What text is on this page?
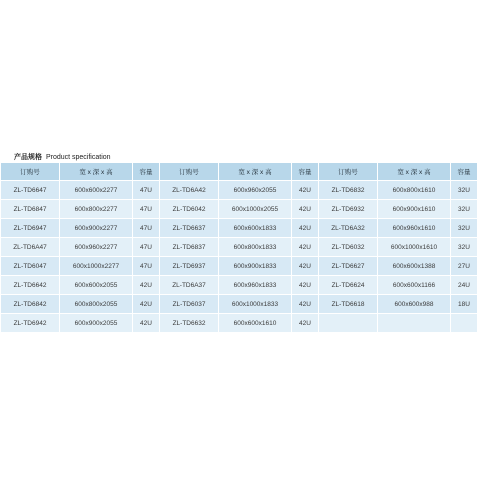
产品规格 Product specification
订购号	宽 x 深 x 高	容量	订购号	宽 x 深 x 高	容量	订购号	宽 x 深 x 高	容量
ZL-TD6647	600x600x2277	47U	ZL-TD6A42	600x960x2055	42U	ZL-TD6832	600x800x1610	32U
ZL-TD6847	600x800x2277	47U	ZL-TD6042	600x1000x2055	42U	ZL-TD6932	600x900x1610	32U
ZL-TD6947	600x900x2277	47U	ZL-TD6637	600x600x1833	42U	ZL-TD6A32	600x960x1610	32U
ZL-TD6A47	600x960x2277	47U	ZL-TD6837	600x800x1833	42U	ZL-TD6032	600x1000x1610	32U
ZL-TD6047	600x1000x2277	47U	ZL-TD6937	600x900x1833	42U	ZL-TD6627	600x600x1388	27U
ZL-TD6642	600x600x2055	42U	ZL-TD6A37	600x960x1833	42U	ZL-TD6624	600x600x1166	24U
ZL-TD6842	600x800x2055	42U	ZL-TD6037	600x1000x1833	42U	ZL-TD6618	600x600x988	18U
ZL-TD6942	600x900x2055	42U	ZL-TD6632	600x600x1610	42U			
